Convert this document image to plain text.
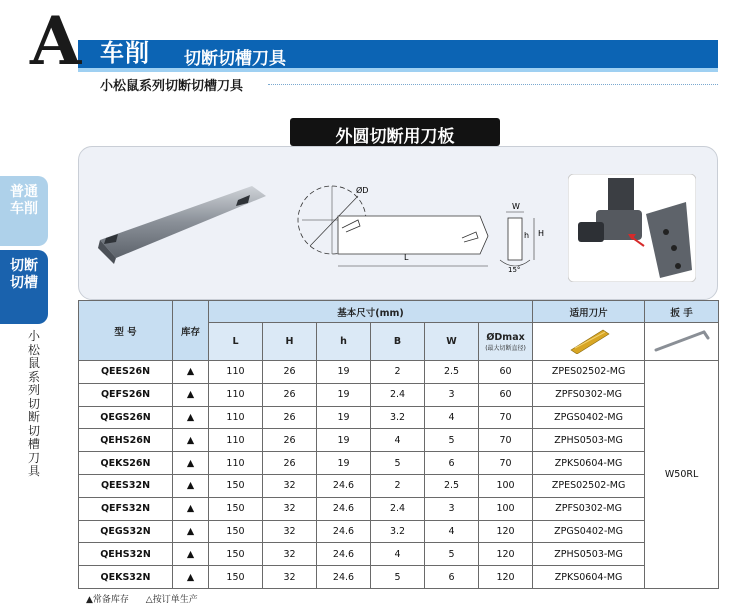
A 车削 切断切槽刀具
小松鼠系列切断切槽刀具
普通车削
切断切槽
小松鼠系列切断切槽刀具
ØD
L
W
h H
15°
外圆切断用刀板
型 号	库存	基本尺寸(mm)						适用刀片	扳 手
		L	H	h	B	W	ØDmax
(最大切断直径)

QEES26N	▲	110	26	19	2	2.5	60	ZPES02502-MG	W50RL
QEFS26N	▲	110	26	19	2.4	3	60	ZPFS0302-MG	
QEGS26N	▲	110	26	19	3.2	4	70	ZPGS0402-MG	
QEHS26N	▲	110	26	19	4	5	70	ZPHS0503-MG	
QEKS26N	▲	110	26	19	5	6	70	ZPKS0604-MG	
QEES32N	▲	150	32	24.6	2	2.5	100	ZPES02502-MG	
QEFS32N	▲	150	32	24.6	2.4	3	100	ZPFS0302-MG	
QEGS32N	▲	150	32	24.6	3.2	4	120	ZPGS0402-MG	
QEHS32N	▲	150	32	24.6	4	5	120	ZPHS0503-MG	
QEKS32N	▲	150	32	24.6	5	6	120	ZPKS0604-MG	
▲常备库存 △按订单生产
